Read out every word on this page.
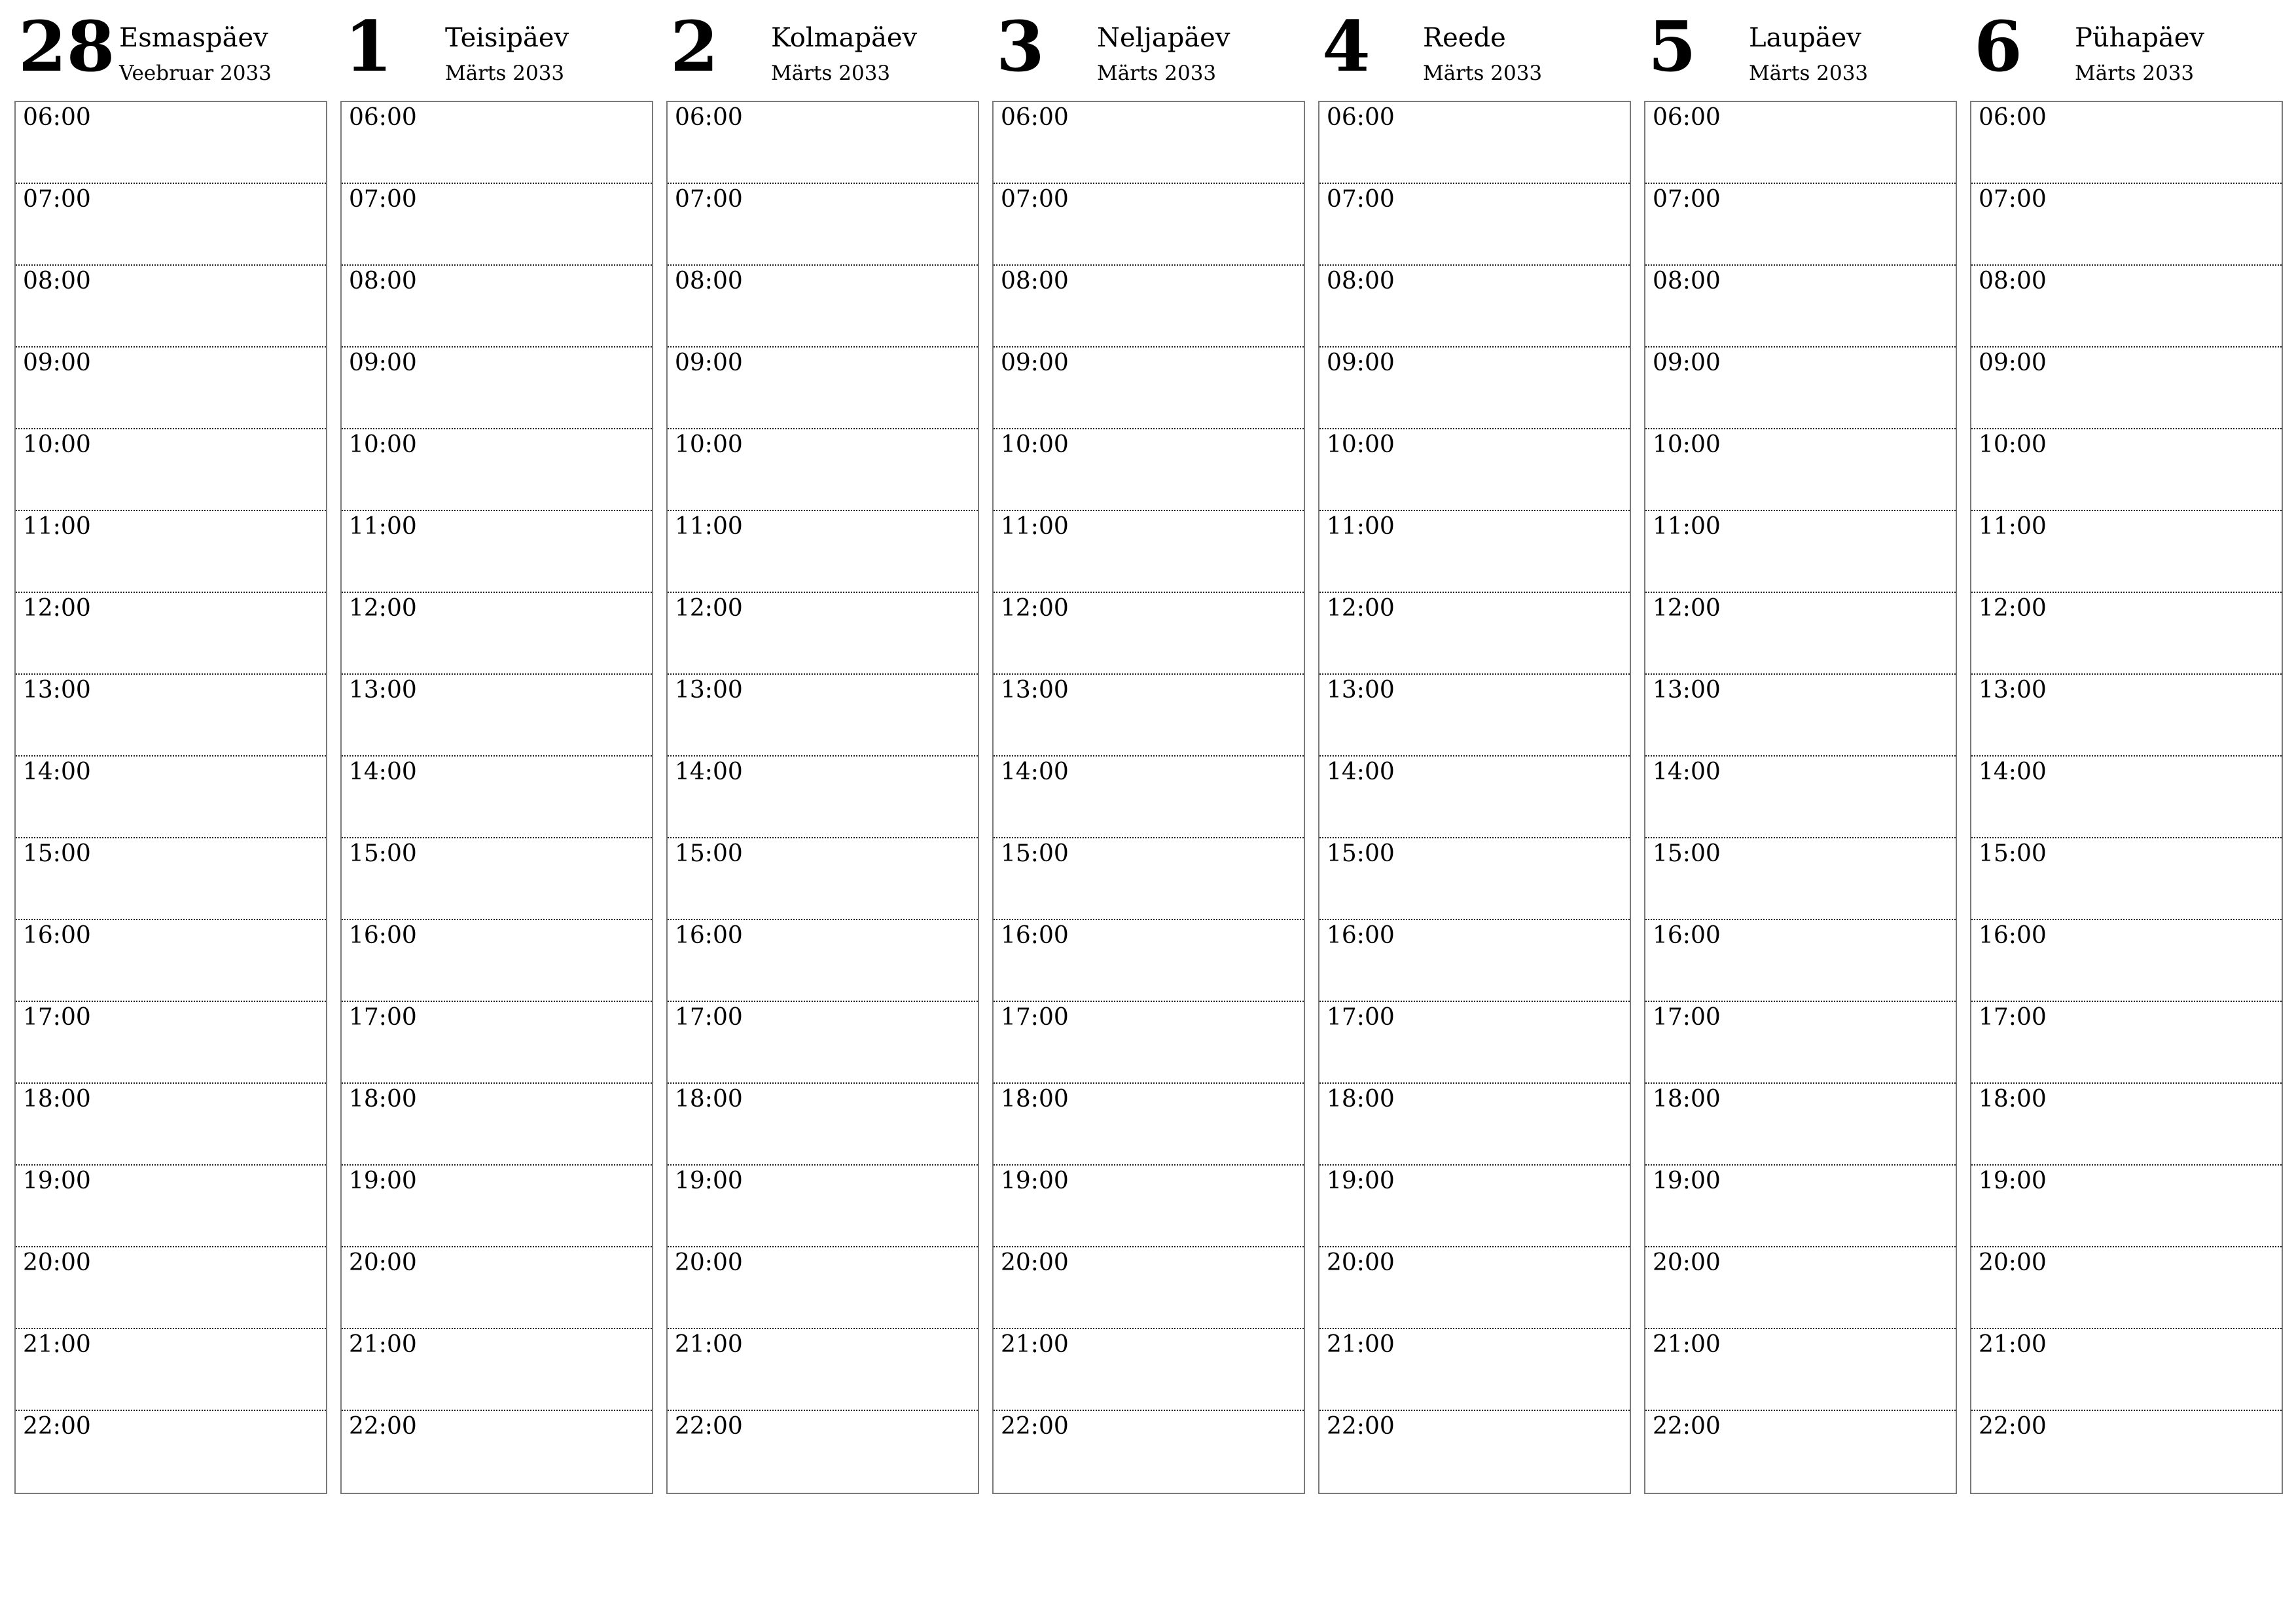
28 Esmaspäev
Veebruar 2033
06:00
07:00
08:00
09:00
10:00
11:00
12:00
13:00
14:00
15:00
16:00
17:00
18:00
19:00
20:00
21:00
22:00
1 Teisipäev
Märts 2033
06:00
07:00
08:00
09:00
10:00
11:00
12:00
13:00
14:00
15:00
16:00
17:00
18:00
19:00
20:00
21:00
22:00
2 Kolmapäev
Märts 2033
06:00
07:00
08:00
09:00
10:00
11:00
12:00
13:00
14:00
15:00
16:00
17:00
18:00
19:00
20:00
21:00
22:00
3 Neljapäev
Märts 2033
06:00
07:00
08:00
09:00
10:00
11:00
12:00
13:00
14:00
15:00
16:00
17:00
18:00
19:00
20:00
21:00
22:00
4 Reede
Märts 2033
06:00
07:00
08:00
09:00
10:00
11:00
12:00
13:00
14:00
15:00
16:00
17:00
18:00
19:00
20:00
21:00
22:00
5 Laupäev
Märts 2033
06:00
07:00
08:00
09:00
10:00
11:00
12:00
13:00
14:00
15:00
16:00
17:00
18:00
19:00
20:00
21:00
22:00
6 Pühapäev
Märts 2033
06:00
07:00
08:00
09:00
10:00
11:00
12:00
13:00
14:00
15:00
16:00
17:00
18:00
19:00
20:00
21:00
22:00
